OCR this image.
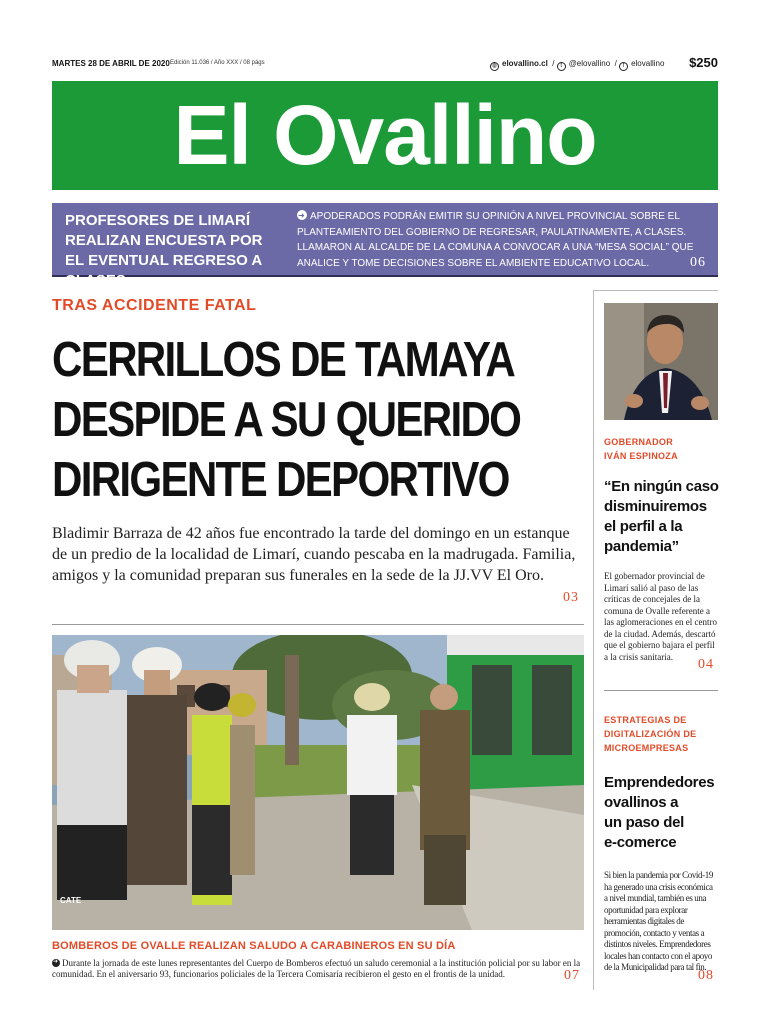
MARTES 28 DE ABRIL DE 2020 Edición 11.036 / Año XXX / 08 págs	◍ elovallino.cl  / t @elovallino  / f elovallino $250
El Ovallino
PROFESORES DE LIMARÍ REALIZAN ENCUESTA POR EL EVENTUAL REGRESO A CLASES
➜APODERADOS PODRÁN EMITIR SU OPINIÓN A NIVEL PROVINCIAL SOBRE EL PLANTEAMIENTO DEL GOBIERNO DE REGRESAR, PAULATINAMENTE, A CLASES. LLAMARON AL ALCALDE DE LA COMUNA A CONVOCAR A UNA “MESA SOCIAL” QUE ANALICE Y TOME DECISIONES SOBRE EL AMBIENTE EDUCATIVO LOCAL.	06
TRAS ACCIDENTE FATAL
CERRILLOS DE TAMAYA
DESPIDE A SU QUERIDO
DIRIGENTE DEPORTIVO
Bladimir Barraza de 42 años fue encontrado la tarde del domingo en un estanque de un predio de la localidad de Limarí, cuando pescaba en la madrugada. Familia, amigos y la comunidad preparan sus funerales en la sede de la JJ.VV El Oro.
03
CATE
BOMBEROS DE OVALLE REALIZAN SALUDO A CARABINEROS EN SU DÍA
➜Durante la jornada de este lunes representantes del Cuerpo de Bomberos efectuó un saludo ceremonial a la institución policial por su labor en la comunidad. En el aniversario 93, funcionarios policiales de la Tercera Comisaría recibieron el gesto en el frontis de la unidad.	07
GOBERNADOR
IVÁN ESPINOZA
“En ningún caso
disminuiremos
el perfil a la
pandemia”
El gobernador provincial de Limarí salió al paso de las críticas de concejales de la comuna de Ovalle referente a las aglomeraciones en el centro de la ciudad. Además, descartó que el gobierno bajara el perfil a la crisis sanitaria.
04
ESTRATEGIAS DE
DIGITALIZACIÓN DE
MICROEMPRESAS
Emprendedores
ovallinos a
un paso del
e-comerce
Si bien la pandemia por Covid-19 ha generado una crisis económica a nivel mundial, también es una oportunidad para explorar herramientas digitales de promoción, contacto y ventas a distintos niveles. Emprendedores locales han contacto con el apoyo de la Municipalidad para tal fin.
08
